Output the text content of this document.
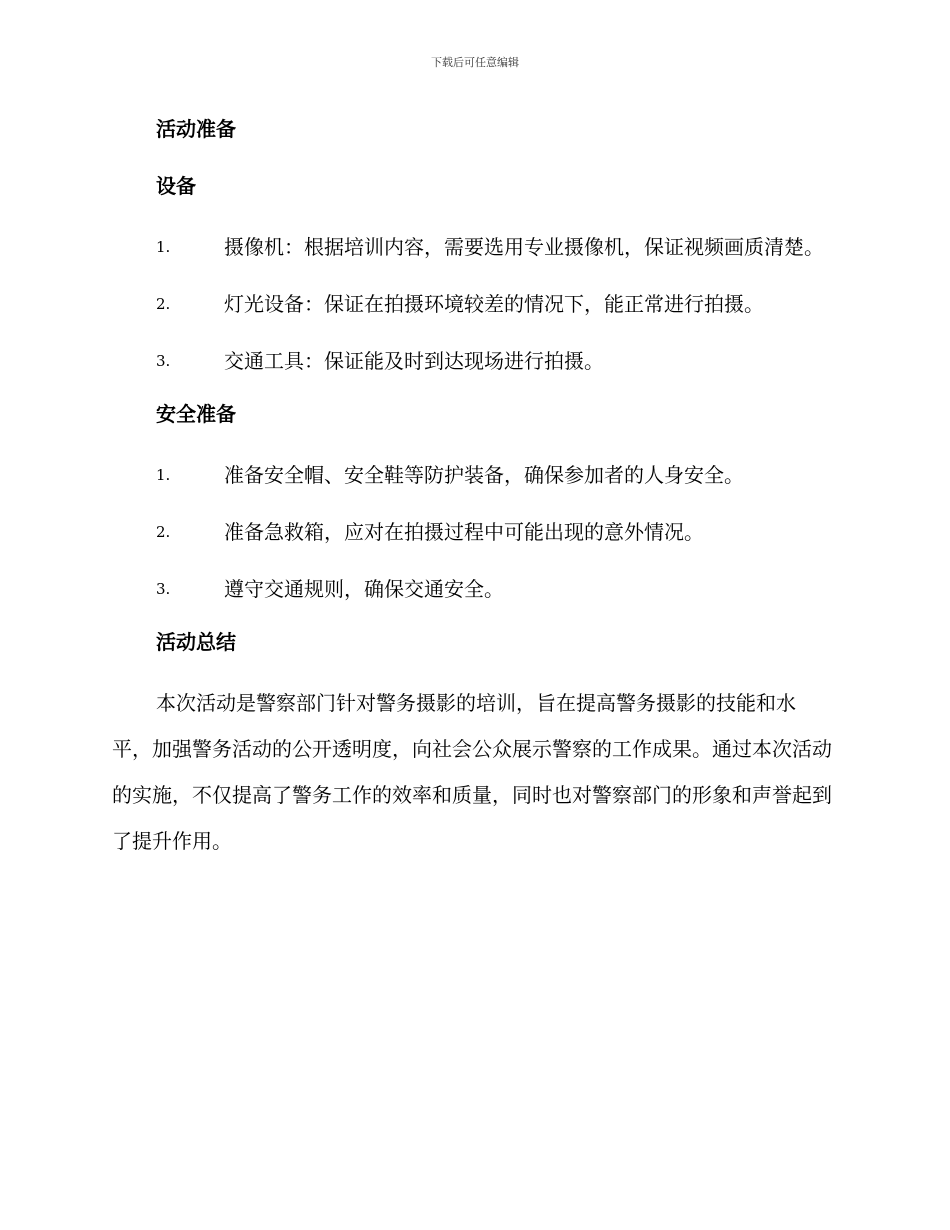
下载后可任意编辑
活动准备
设备
1.	摄像机：根据培训内容，需要选用专业摄像机，保证视频画质清楚。
2.	灯光设备：保证在拍摄环境较差的情况下，能正常进行拍摄。
3.	交通工具：保证能及时到达现场进行拍摄。
安全准备
1.	准备安全帽、安全鞋等防护装备，确保参加者的人身安全。
2.	准备急救箱，应对在拍摄过程中可能出现的意外情况。
3.	遵守交通规则，确保交通安全。
活动总结

本次活动是警察部门针对警务摄影的培训，旨在提高警务摄影的技能和水平，加强警务活动的公开透明度，向社会公众展示警察的工作成果。通过本次活动的实施，不仅提高了警务工作的效率和质量，同时也对警察部门的形象和声誉起到了提升作用。
